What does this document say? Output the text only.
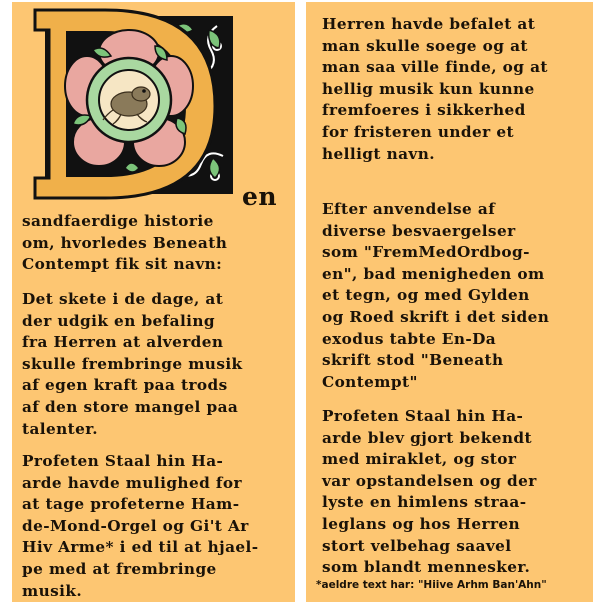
en

sandfaerdige historie
om, hvorledes Beneath
Contempt fik sit navn:

Det skete i de dage, at
der udgik en befaling
fra Herren at alverden
skulle frembringe musik
af egen kraft paa trods
af den store mangel paa
talenter.

Profeten Staal hin Ha-
arde havde mulighed for
at tage profeterne Ham-
de-Mond-Orgel og Gi't Ar
Hiv Arme* i ed til at hjael-
pe med at frembringe
musik.

Herren havde befalet at
man skulle soege og at
man saa ville finde, og at
hellig musik kun kunne
fremfoeres i sikkerhed
for fristeren under et
helligt navn.

Efter anvendelse af
diverse besvaergelser
som "FremMedOrdbog-
en", bad menigheden om
et tegn, og med Gylden
og Roed skrift i det siden
exodus tabte En-Da
skrift stod "Beneath
Contempt"

Profeten Staal hin Ha-
arde blev gjort bekendt
med miraklet, og stor
var opstandelsen og der
lyste en himlens straa-
leglans og hos Herren
stort velbehag saavel
som blandt mennesker.

*aeldre text har: "Hiive Arhm Ban'Ahn"
